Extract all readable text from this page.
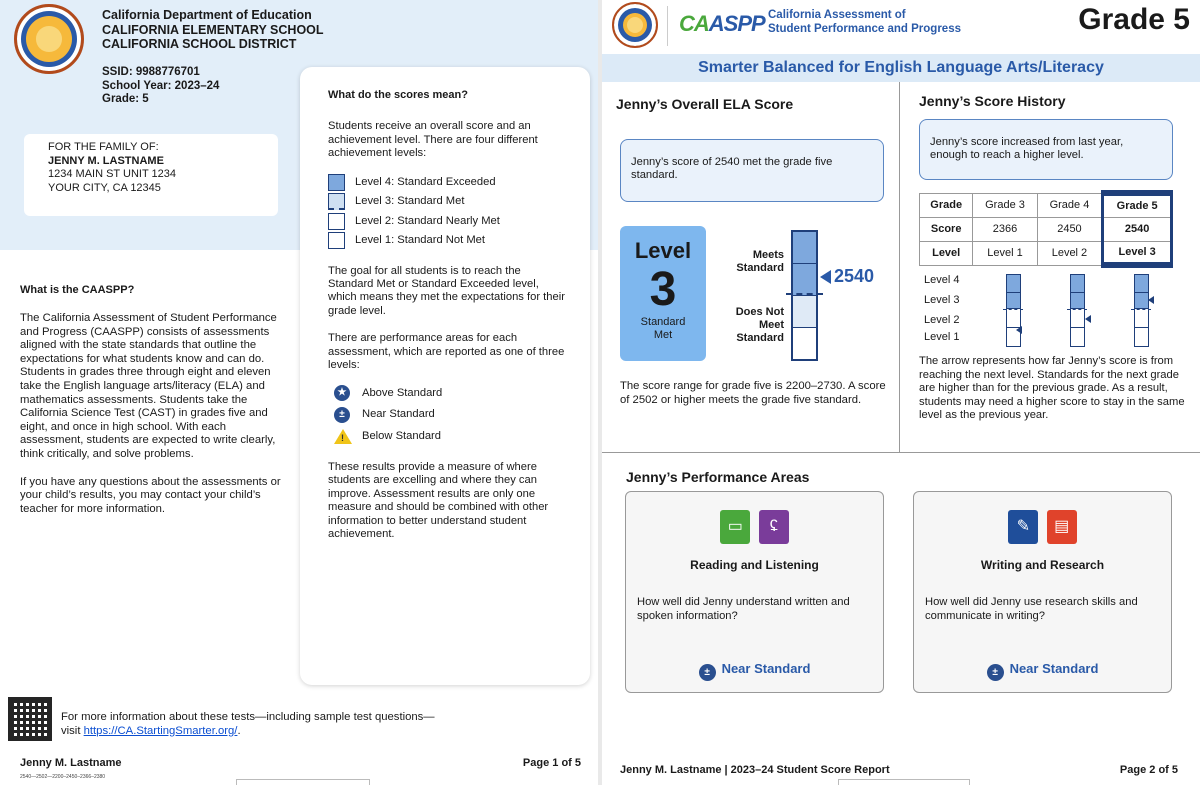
California Department of Education
CALIFORNIA ELEMENTARY SCHOOL
CALIFORNIA SCHOOL DISTRICT
SSID: 9988776701
School Year: 2023–24
Grade: 5
FOR THE FAMILY OF:
JENNY M. LASTNAME
1234 MAIN ST UNIT 1234
YOUR CITY, CA 12345
What do the scores mean?

Students receive an overall score and an achievement level. There are four different achievement levels:

Level 4: Standard Exceeded
Level 3: Standard Met
Level 2: Standard Nearly Met
Level 1: Standard Not Met

The goal for all students is to reach the Standard Met or Standard Exceeded level, which means they met the expectations for their grade level.

There are performance areas for each assessment, which are reported as one of three levels:

★	Above Standard
±	Near Standard
! Below Standard

These results provide a measure of where students are excelling and where they can improve. Assessment results are only one measure and should be combined with other information to better understand student achievement.

What is the CAASPP?

The California Assessment of Student Performance and Progress (CAASPP) consists of assessments aligned with the state standards that outline the expectations for what students know and can do. Students in grades three through eight and eleven take the English language arts/literacy (ELA) and mathematics assessments. Students take the California Science Test (CAST) in grades five and eight, and once in high school. With each assessment, students are expected to write clearly, think critically, and solve problems.

If you have any questions about the assessments or your child’s results, you may contact your child’s teacher for more information.

For more information about these tests—including sample test questions—
visit https://CA.StartingSmarter.org/.
Jenny M. Lastname
2540—2502—2200–2450–2366–2380
Page 1 of 5
CAASPP California Assessment of
Student Performance and Progress	Grade 5
Smarter Balanced for English Language Arts/Literacy
Jenny’s Overall ELA Score
Jenny’s score of 2540 met the grade five standard.
Level
3
Standard Met
Meets Standard
Does Not Meet Standard
2540
The score range for grade five is 2200–2730. A score of 2502 or higher meets the grade five standard.
Jenny’s Score History
Jenny’s score increased from last year, enough to reach a higher level.
Grade	Grade 3	Grade 4	Grade 5
Score	2366	2450	2540
Level	Level 1	Level 2	Level 3
Level 4
Level 3
Level 2
Level 1
The arrow represents how far Jenny’s score is from reaching the next level. Standards for the next grade are higher than for the previous grade. As a result, students may need a higher score to stay in the same level as the previous year.
Jenny’s Performance Areas
▭ ʢ
Reading and Listening
How well did Jenny understand written and spoken information?
± Near Standard
✎ ▤
Writing and Research
How well did Jenny use research skills and communicate in writing?
± Near Standard
Jenny M. Lastname | 2023–24 Student Score Report	Page 2 of 5
